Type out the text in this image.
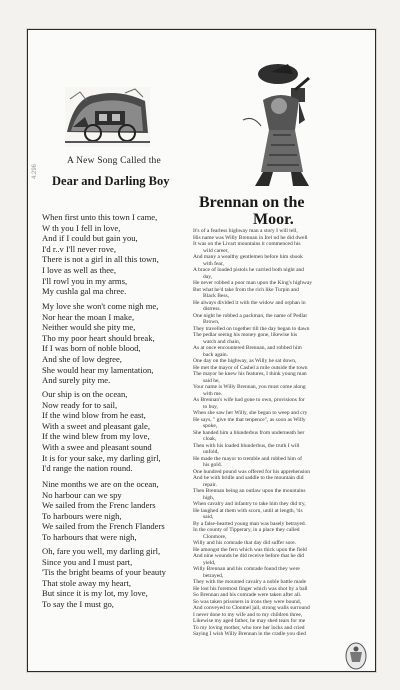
4.296
A New Song Called the
Dear and Darling Boy
When first unto this town I came,
W th you I fell in love,
And if I could but gain you,
I'd r..v I'll never rove,
There is not a girl in all this town,
I love as well as thee,
I'll rowl you in my arms,
My cushla gal ma chree.
My love she won't come nigh me,
Nor hear the moan I make,
Neither would she pity me,
Tho my poor heart should break,
If I was born of noble blood,
And she of low degree,
She would hear my lamentation,
And surely pity me.
Our ship is on the ocean,
Now ready for to sail,
If the wind blow from he east,
With a sweet and pleasant gale,
If the wind blew from my love,
With a swee and pleasant sound
It is for your sake, my darling girl,
I'd range the nation round.
Nine months we are on the ocean,
No harbour can we spy
We sailed from the Frenc landers
To harbours were nigh,
We sailed from the French Flanders
To harbours that were nigh,
Oh, fare you well, my darling girl,
Since you and I must part,
'Tis the bright beams of your beauty
That stole away my heart,
But since it is my lot, my love,
To say the I must go,
Brennan on the
Moor.
It's of a fearless highway man a story I will tell,
His name was Willy Brennan in Irel nd he did dwell
It was on the Livart mountains it commenced his
wild career,
And many a wealthy gentlemen before him shook
with fear,
A brace of loaded pistols he carried both night and
day,
He never robbed a poor man upon the King's highway
But what he'd take from the rich like Turpin and
Black Bess,
He always divided it with the widow and orphan in
distress.
One night he robbed a packman, the name of Pedlar
Brown,
They travelled on together till the day began to dawn
The pedlar seeing his money gone, likewise his
watch and chain,
As at once encountered Brennan, and robbed him
back again.
One day on the highway, as Willy he sat down,
He met the mayor of Cashel a mile outside the town
The mayor he knew his features, I think young man
said he,
Your name is Willy Brennan, you must come along
with me.
As Brennan's wife had gone to own, provisions for
to buy,
When she saw her Willy, she began to weep and cry
He says, " give me that tenpence", as soon as Willy
spoke,
She handed him a blunderbus from underneath her
cloak,
Then with his loaded blunderbus, the truth I will
unfold,
He made the mayor to tremble and robbed him of
his gold.
One hundred pound was offered for his apprehension
And he with bridle and saddle to the mountain did
repair.
Then Brennan being an outlaw upon the mountains
high,
When cavalry and infantry to take him they did try,
He laughed at them with scorn, until at length, 'tis
said,
By a false-hearted young man was basely betrayed.
In the county of Tipperary, in a place they called
Clonmore,
Willy and his comrade that day did suffer sore.
He amongst the fern which was thick upon the field
And nine wounds he did receive before that he did
yield,
Willy Brennan and his comrade found they were
betrayed,
They with the mounted cavalry a noble battle made
He lost his foremost finger which was shot by a ball
So Brennan and his comrade were taken after all.
So was taken prisoners in irons they were bound,
And conveyed to Clonmel jail, strong walls surround
I never done to my wife and to my children three,
Likewise my aged father, he may shed tears for me
To my loving mother, who tore her locks and cried
Saying I wish Willy Brennan in the cradle you died
